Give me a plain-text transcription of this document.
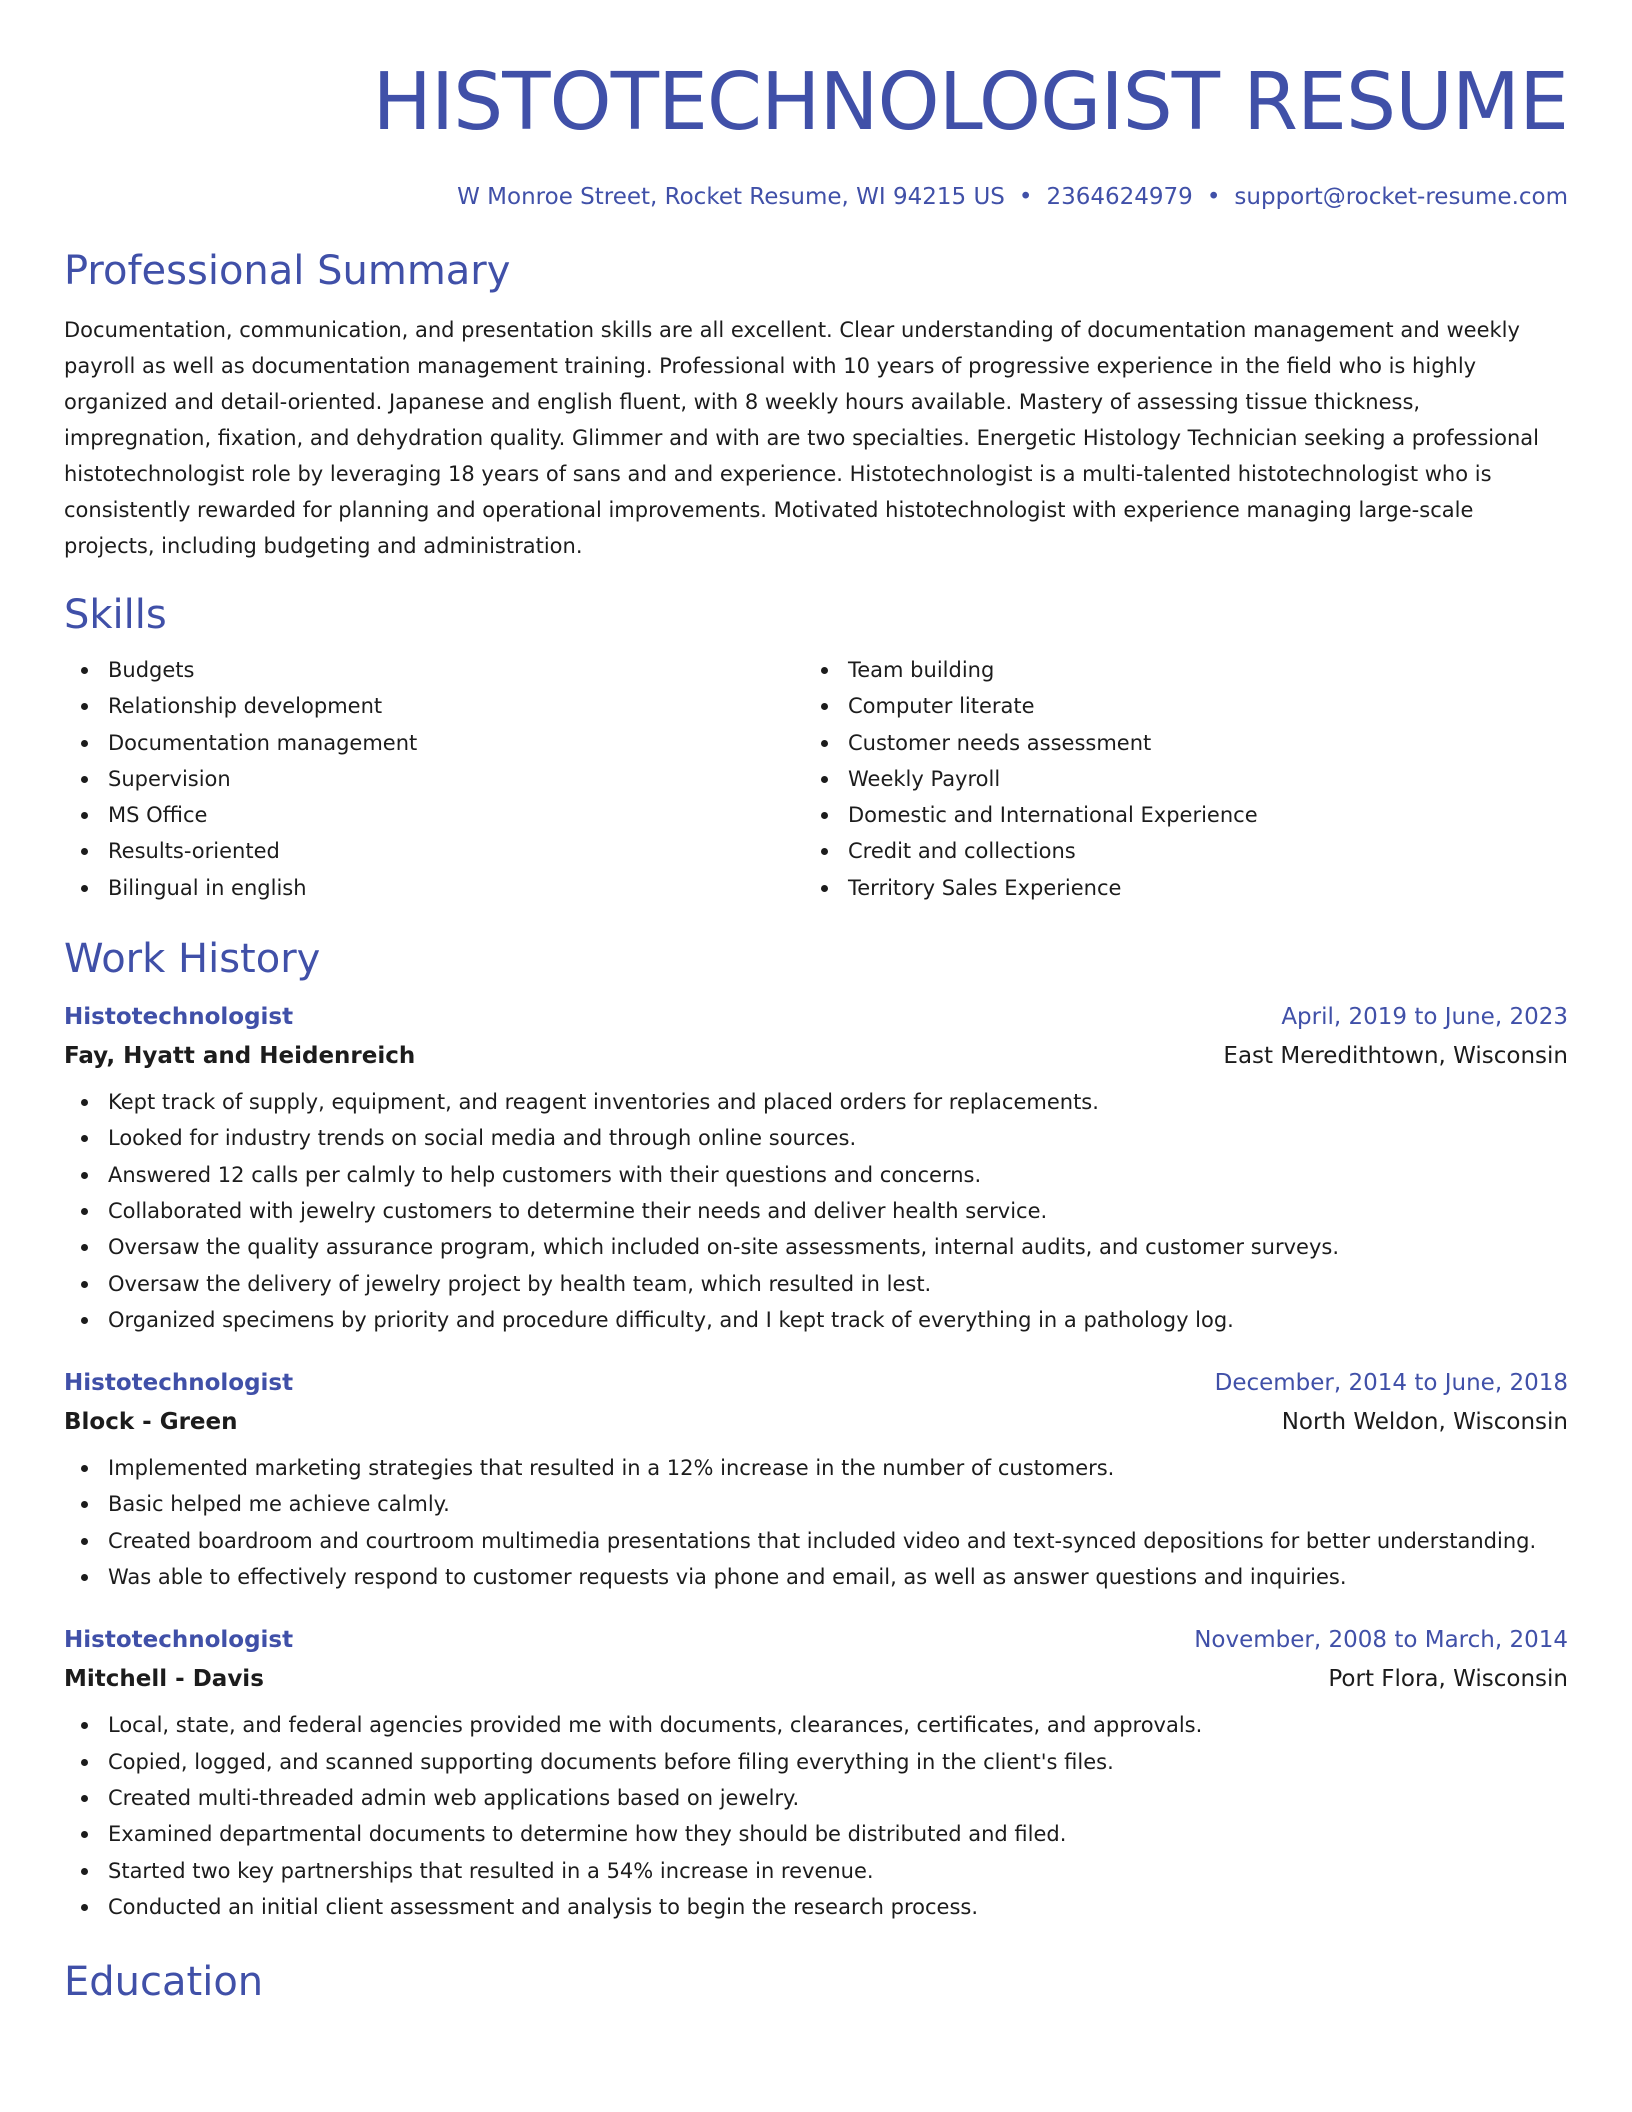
HISTOTECHNOLOGIST RESUME
W Monroe Street, Rocket Resume, WI 94215 US • 2364624979 • support@rocket-resume.com
Professional Summary

Documentation, communication, and presentation skills are all excellent. Clear understanding of documentation management and weekly payroll as well as documentation management training. Professional with 10 years of progressive experience in the field who is highly organized and detail-oriented. Japanese and english fluent, with 8 weekly hours available. Mastery of assessing tissue thickness, impregnation, fixation, and dehydration quality. Glimmer and with are two specialties. Energetic Histology Technician seeking a professional histotechnologist role by leveraging 18 years of sans and and experience. Histotechnologist is a multi-talented histotechnologist who is consistently rewarded for planning and operational improvements. Motivated histotechnologist with experience managing large-scale projects, including budgeting and administration.

Skills
Budgets
Relationship development
Documentation management
Supervision
MS Office
Results-oriented
Bilingual in english
Team building
Computer literate
Customer needs assessment
Weekly Payroll
Domestic and International Experience
Credit and collections
Territory Sales Experience
Work History
Histotechnologist	April, 2019 to June, 2023
Fay, Hyatt and Heidenreich	East Meredithtown, Wisconsin
Kept track of supply, equipment, and reagent inventories and placed orders for replacements.
Looked for industry trends on social media and through online sources.
Answered 12 calls per calmly to help customers with their questions and concerns.
Collaborated with jewelry customers to determine their needs and deliver health service.
Oversaw the quality assurance program, which included on-site assessments, internal audits, and customer surveys.
Oversaw the delivery of jewelry project by health team, which resulted in lest.
Organized specimens by priority and procedure difficulty, and I kept track of everything in a pathology log.
Histotechnologist	December, 2014 to June, 2018
Block - Green	North Weldon, Wisconsin
Implemented marketing strategies that resulted in a 12% increase in the number of customers.
Basic helped me achieve calmly.
Created boardroom and courtroom multimedia presentations that included video and text-synced depositions for better understanding.
Was able to effectively respond to customer requests via phone and email, as well as answer questions and inquiries.
Histotechnologist	November, 2008 to March, 2014
Mitchell - Davis	Port Flora, Wisconsin
Local, state, and federal agencies provided me with documents, clearances, certificates, and approvals.
Copied, logged, and scanned supporting documents before filing everything in the client's files.
Created multi-threaded admin web applications based on jewelry.
Examined departmental documents to determine how they should be distributed and filed.
Started two key partnerships that resulted in a 54% increase in revenue.
Conducted an initial client assessment and analysis to begin the research process.
Education
